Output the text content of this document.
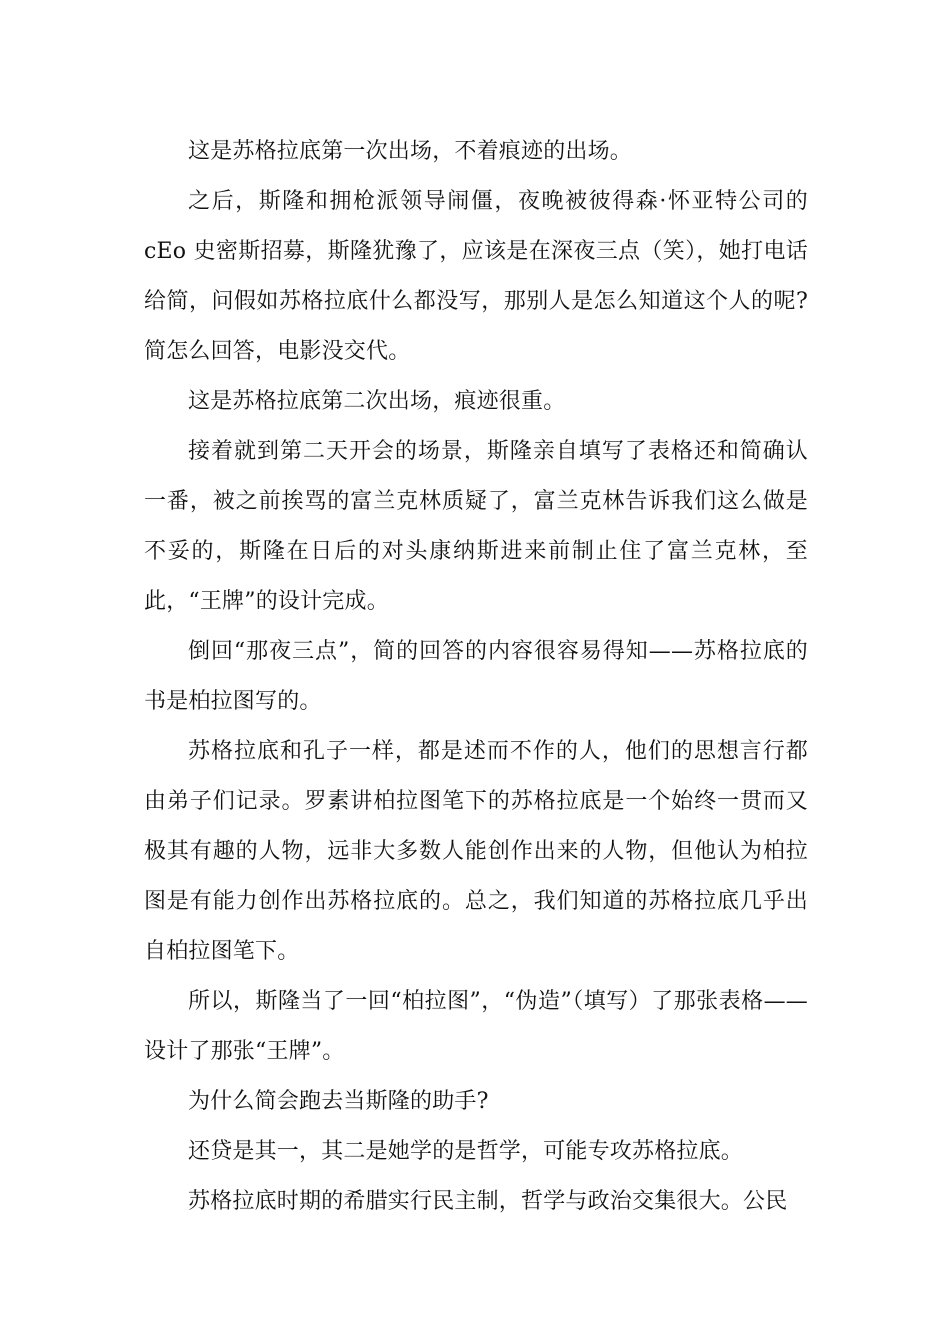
这是苏格拉底第一次出场，不着痕迹的出场。

之后，斯隆和拥枪派领导闹僵，夜晚被彼得森·怀亚特公司的 cEo 史密斯招募，斯隆犹豫了，应该是在深夜三点（笑），她打电话给简，问假如苏格拉底什么都没写，那别人是怎么知道这个人的呢?简怎么回答，电影没交代。

这是苏格拉底第二次出场，痕迹很重。

接着就到第二天开会的场景，斯隆亲自填写了表格还和简确认一番，被之前挨骂的富兰克林质疑了，富兰克林告诉我们这么做是不妥的，斯隆在日后的对头康纳斯进来前制止住了富兰克林，至此，“王牌”的设计完成。

倒回“那夜三点”，简的回答的内容很容易得知——苏格拉底的书是柏拉图写的。

苏格拉底和孔子一样，都是述而不作的人，他们的思想言行都由弟子们记录。罗素讲柏拉图笔下的苏格拉底是一个始终一贯而又极其有趣的人物，远非大多数人能创作出来的人物，但他认为柏拉图是有能力创作出苏格拉底的。总之，我们知道的苏格拉底几乎出自柏拉图笔下。

所以，斯隆当了一回“柏拉图”，“伪造”（填写）了那张表格——设计了那张“王牌”。

为什么简会跑去当斯隆的助手?

还贷是其一，其二是她学的是哲学，可能专攻苏格拉底。

苏格拉底时期的希腊实行民主制，哲学与政治交集很大。公民
